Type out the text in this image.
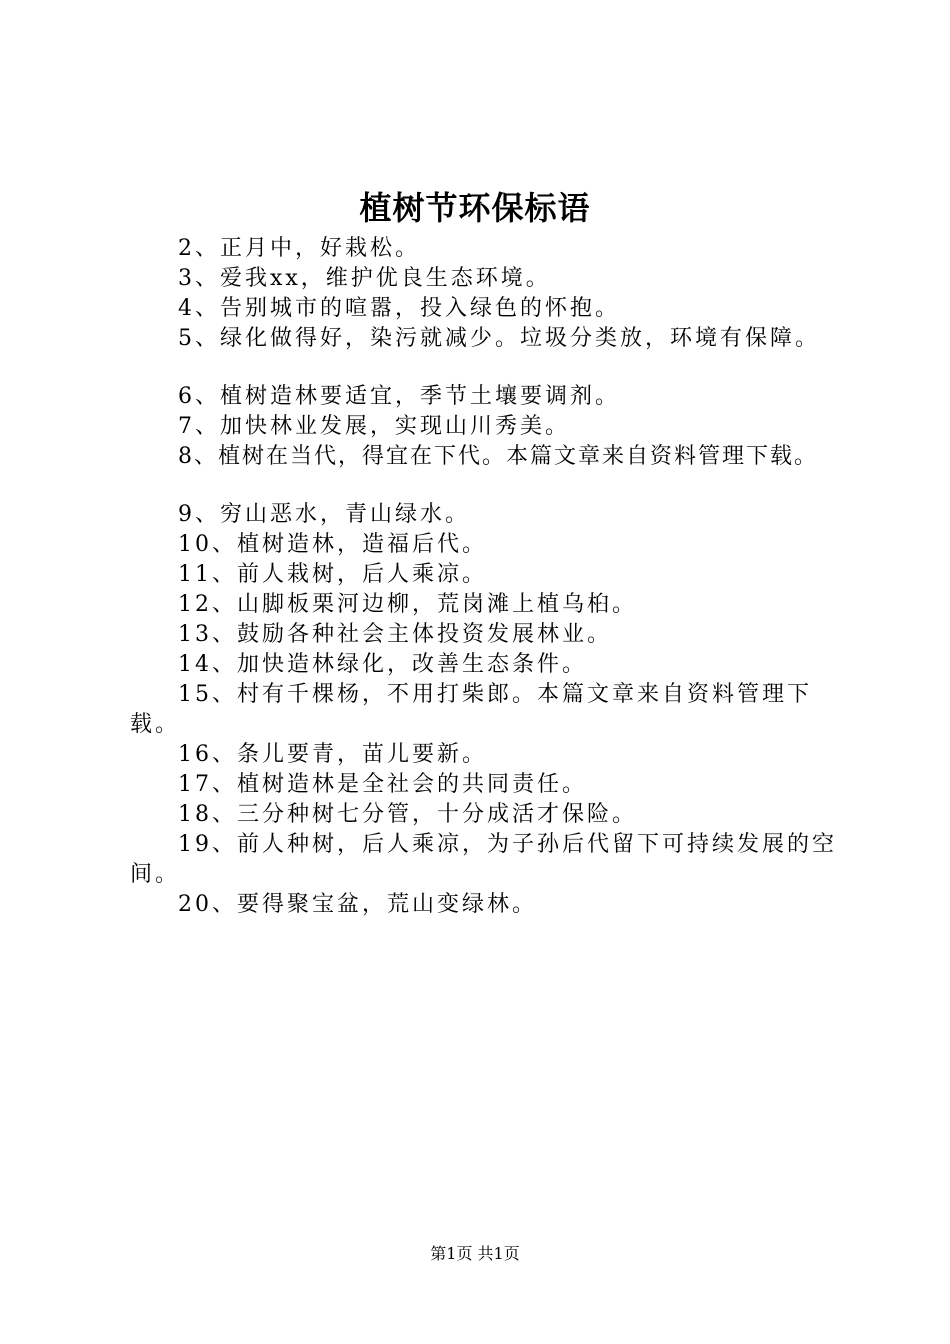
植树节环保标语

2、正月中，好栽松。

3、爱我xx，维护优良生态环境。

4、告别城市的喧嚣，投入绿色的怀抱。

5、绿化做得好，染污就减少。垃圾分类放，环境有保障。

6、植树造林要适宜，季节土壤要调剂。

7、加快林业发展，实现山川秀美。

8、植树在当代，得宜在下代。本篇文章来自资料管理下载。

9、穷山恶水，青山绿水。

10、植树造林，造福后代。

11、前人栽树，后人乘凉。

12、山脚板栗河边柳，荒岗滩上植乌桕。

13、鼓励各种社会主体投资发展林业。

14、加快造林绿化，改善生态条件。

15、村有千棵杨，不用打柴郎。本篇文章来自资料管理下载。

16、条儿要青，苗儿要新。

17、植树造林是全社会的共同责任。

18、三分种树七分管，十分成活才保险。

19、前人种树，后人乘凉，为子孙后代留下可持续发展的空间。

20、要得聚宝盆，荒山变绿林。

第1页 共1页
